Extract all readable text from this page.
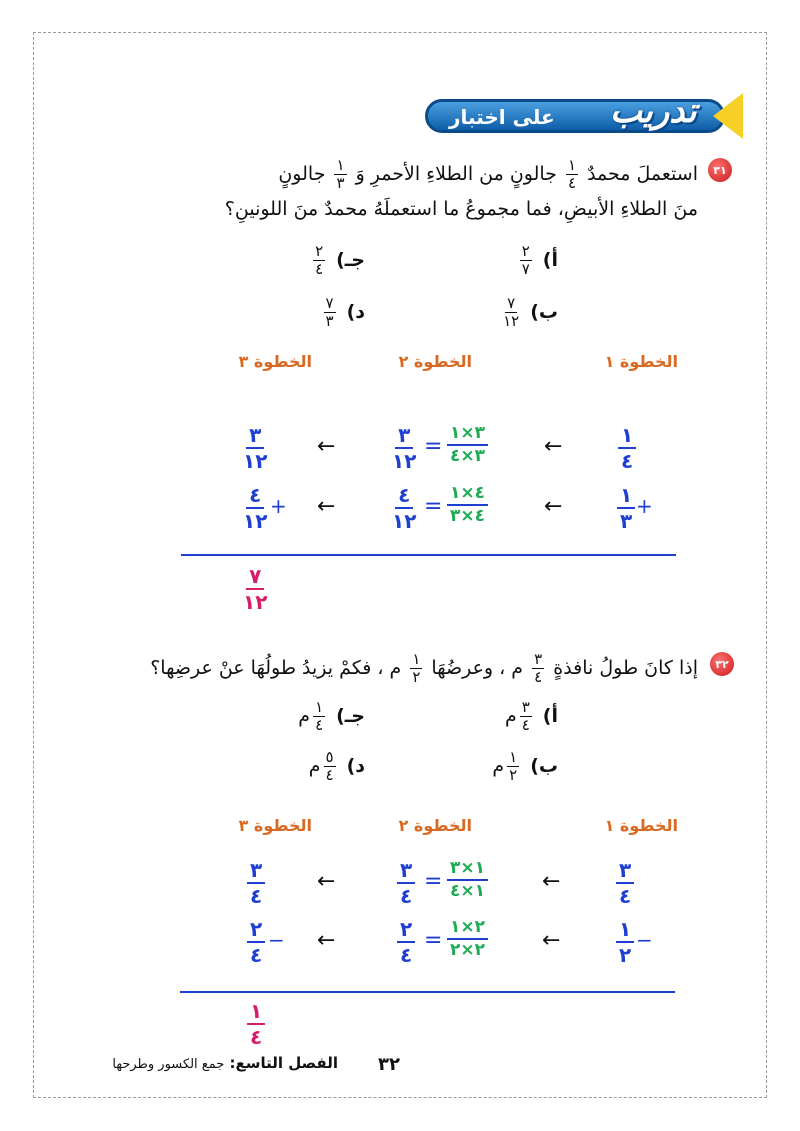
على اختبار تدريب
٣١
استعملَ محمدٌ
$\frac{١}{٤}$
جالونٍ من الطلاءِ الأحمرِ وَ
$\frac{١}{٣}$
جالونٍ
منَ الطلاءِ الأبيضِ، فما مجموعُ ما استعملَهُ محمدٌ منَ اللونينِ؟
أ)
$\frac{٢}{٧}$
جـ)
$\frac{٢}{٤}$
ب)
$\frac{٧}{١٢}$
د)
$\frac{٧}{٣}$
الخطوة ١
الخطوة ٢
الخطوة ٣
١
٤
←
٣×١
٣×٤
=
٣
١٢
←
٣
١٢
+
١
٣
←
٤×١
٤×٣
=
٤
١٢
←
+
٤
١٢
٧
١٢
٣٢
إذا كانَ طولُ نافذةٍ
$\frac{٣}{٤}$
م ، وعرضُهَا
$\frac{١}{٢}$
م ، فكمْ يزيدُ طولُهَا عنْ عرضِها؟
أ)
$\frac{٣}{٤}$
م
جـ)
$\frac{١}{٤}$
م
ب)
$\frac{١}{٢}$
م
د)
$\frac{٥}{٤}$
م
الخطوة ١
الخطوة ٢
الخطوة ٣
٣
٤
←
١×٣
١×٤
=
٣
٤
←
٣
٤
−
١
٢
←
٢×١
٢×٢
=
٢
٤
←
−
٢
٤
١
٤
٣٢
الفصل التاسع: جمع الكسور وطرحها
